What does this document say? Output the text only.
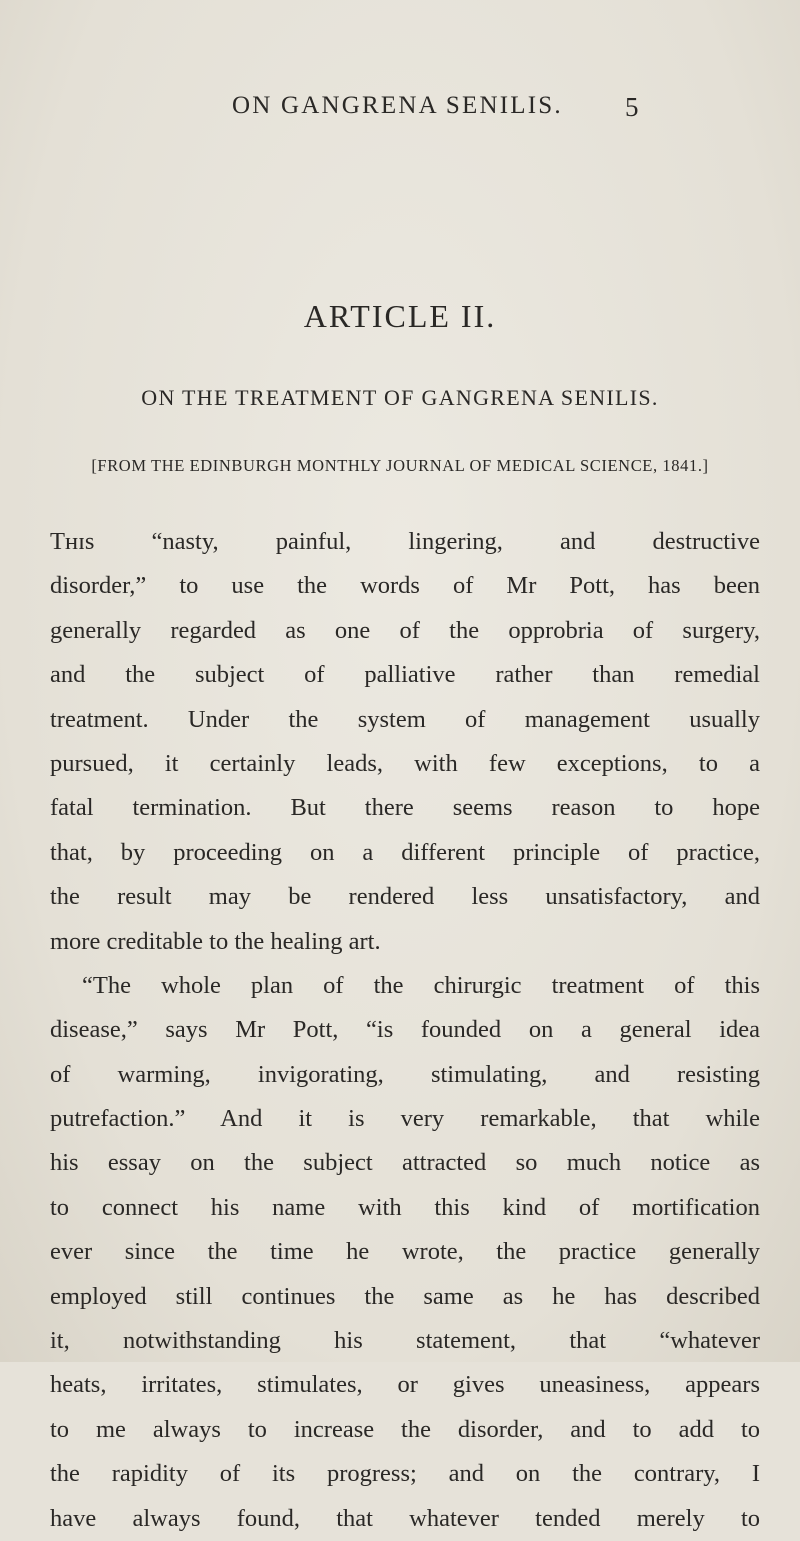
ON GANGRENA SENILIS. 5
ARTICLE II.
ON THE TREATMENT OF GANGRENA SENILIS.
[FROM THE EDINBURGH MONTHLY JOURNAL OF MEDICAL SCIENCE, 1841.]
Tʜɪs “nasty, painful, lingering, and destructive
disorder,” to use the words of Mr Pott, has been
generally regarded as one of the opprobria of surgery,
and the subject of palliative rather than remedial
treatment. Under the system of management usually
pursued, it certainly leads, with few exceptions, to a
fatal termination. But there seems reason to hope
that, by proceeding on a different principle of practice,
the result may be rendered less unsatisfactory, and
more creditable to the healing art.
“The whole plan of the chirurgic treatment of this
disease,” says Mr Pott, “is founded on a general idea
of warming, invigorating, stimulating, and resisting
putrefaction.” And it is very remarkable, that while
his essay on the subject attracted so much notice as
to connect his name with this kind of mortification
ever since the time he wrote, the practice generally
employed still continues the same as he has described
it, notwithstanding his statement, that “whatever
heats, irritates, stimulates, or gives uneasiness, appears
to me always to increase the disorder, and to add to
the rapidity of its progress; and on the contrary, I
have always found, that whatever tended merely to
